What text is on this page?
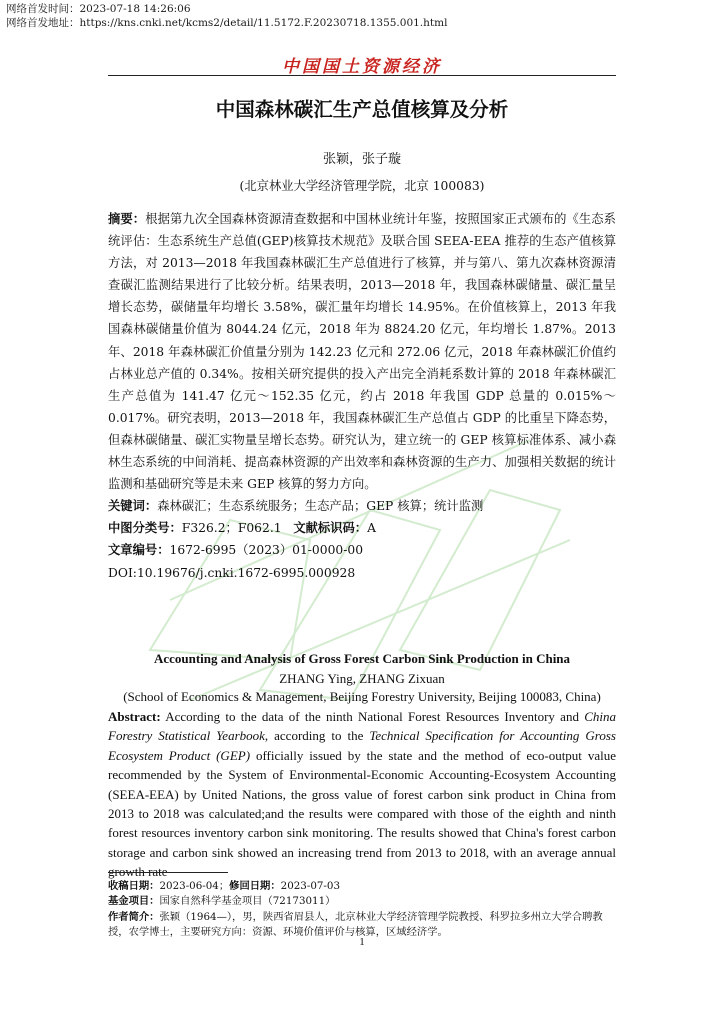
网络首发时间：2023-07-18 14:26:06
网络首发地址：https://kns.cnki.net/kcms2/detail/11.5172.F.20230718.1355.001.html
中国国土资源经济
中国森林碳汇生产总值核算及分析
张颖，张子璇
(北京林业大学经济管理学院，北京 100083)

摘要：根据第九次全国森林资源清查数据和中国林业统计年鉴，按照国家正式颁布的《生态系统评估：生态系统生产总值(GEP)核算技术规范》及联合国 SEEA-EEA 推荐的生态产值核算方法，对 2013—2018 年我国森林碳汇生产总值进行了核算，并与第八、第九次森林资源清查碳汇监测结果进行了比较分析。结果表明，2013—2018 年，我国森林碳储量、碳汇量呈增长态势，碳储量年均增长 3.58%，碳汇量年均增长 14.95%。在价值核算上，2013 年我国森林碳储量价值为 8044.24 亿元，2018 年为 8824.20 亿元，年均增长 1.87%。2013 年、2018 年森林碳汇价值量分别为 142.23 亿元和 272.06 亿元，2018 年森林碳汇价值约占林业总产值的 0.34%。按相关研究提供的投入产出完全消耗系数计算的 2018 年森林碳汇生产总值为 141.47 亿元～152.35 亿元，约占 2018 年我国 GDP 总量的 0.015%～0.017%。研究表明，2013—2018 年，我国森林碳汇生产总值占 GDP 的比重呈下降态势，但森林碳储量、碳汇实物量呈增长态势。研究认为，建立统一的 GEP 核算标准体系、减小森林生态系统的中间消耗、提高森林资源的产出效率和森林资源的生产力、加强相关数据的统计监测和基础研究等是未来 GEP 核算的努力方向。

关键词：森林碳汇；生态系统服务；生态产品；GEP 核算；统计监测

中图分类号：F326.2；F062.1 文献标识码：A

文章编号：1672-6995（2023）01-0000-00

DOI:10.19676/j.cnki.1672-6995.000928

Accounting and Analysis of Gross Forest Carbon Sink Production in China
ZHANG Ying, ZHANG Zixuan
(School of Economics & Management, Beijing Forestry University, Beijing 100083, China)

Abstract: According to the data of the ninth National Forest Resources Inventory and China Forestry Statistical Yearbook, according to the Technical Specification for Accounting Gross Ecosystem Product (GEP) officially issued by the state and the method of eco-output value recommended by the System of Environmental-Economic Accounting-Ecosystem Accounting (SEEA-EEA) by United Nations, the gross value of forest carbon sink product in China from 2013 to 2018 was calculated;and the results were compared with those of the eighth and ninth forest resources inventory carbon sink monitoring. The results showed that China's forest carbon storage and carbon sink showed an increasing trend from 2013 to 2018, with an average annual growth rate

收稿日期：2023-06-04；修回日期：2023-07-03

基金项目：国家自然科学基金项目（72173011）

作者简介：张颖（1964—），男，陕西省眉县人，北京林业大学经济管理学院教授、科罗拉多州立大学合聘教授，农学博士，主要研究方向：资源、环境价值评价与核算，区域经济学。

1
